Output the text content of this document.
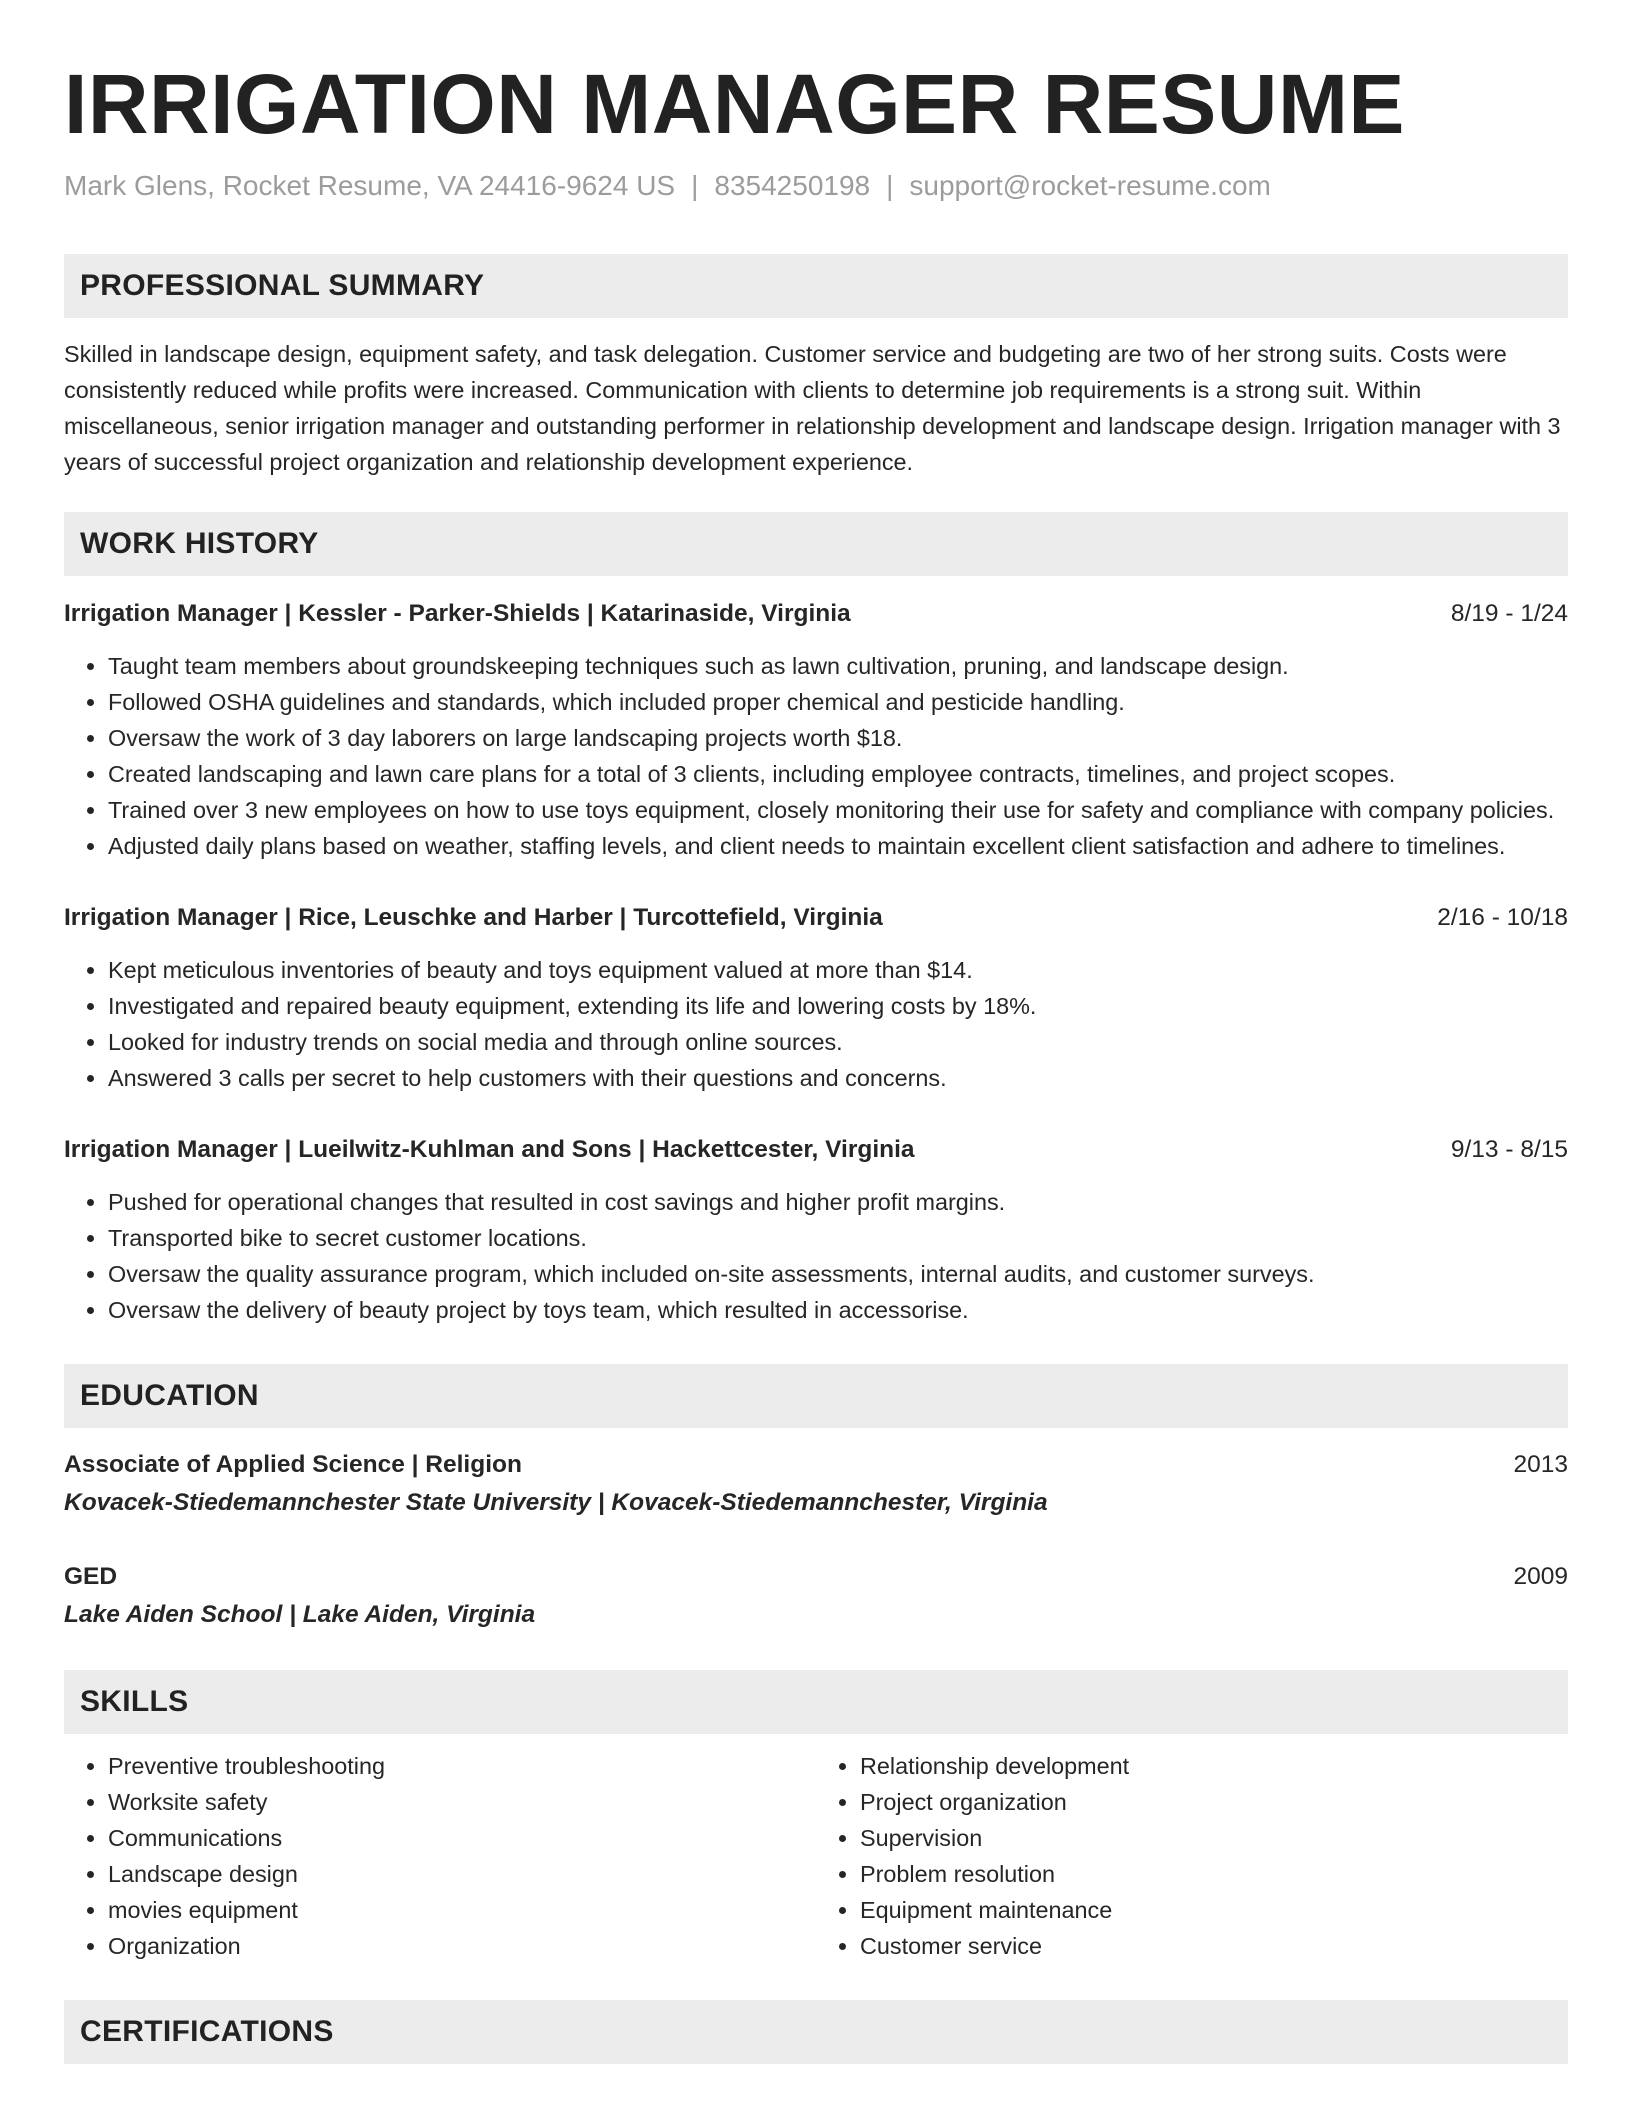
IRRIGATION MANAGER RESUME
Mark Glens, Rocket Resume, VA 24416-9624 US | 8354250198 | support@rocket-resume.com
PROFESSIONAL SUMMARY

Skilled in landscape design, equipment safety, and task delegation. Customer service and budgeting are two of her strong suits. Costs were consistently reduced while profits were increased. Communication with clients to determine job requirements is a strong suit. Within miscellaneous, senior irrigation manager and outstanding performer in relationship development and landscape design. Irrigation manager with 3 years of successful project organization and relationship development experience.

WORK HISTORY
Irrigation Manager | Kessler - Parker-Shields | Katarinaside, Virginia	8/19 - 1/24
• Taught team members about groundskeeping techniques such as lawn cultivation, pruning, and landscape design.
• Followed OSHA guidelines and standards, which included proper chemical and pesticide handling.
• Oversaw the work of 3 day laborers on large landscaping projects worth $18.
• Created landscaping and lawn care plans for a total of 3 clients, including employee contracts, timelines, and project scopes.
• Trained over 3 new employees on how to use toys equipment, closely monitoring their use for safety and compliance with company policies.
• Adjusted daily plans based on weather, staffing levels, and client needs to maintain excellent client satisfaction and adhere to timelines.
Irrigation Manager | Rice, Leuschke and Harber | Turcottefield, Virginia	2/16 - 10/18
• Kept meticulous inventories of beauty and toys equipment valued at more than $14.
• Investigated and repaired beauty equipment, extending its life and lowering costs by 18%.
• Looked for industry trends on social media and through online sources.
• Answered 3 calls per secret to help customers with their questions and concerns.
Irrigation Manager | Lueilwitz-Kuhlman and Sons | Hackettcester, Virginia	9/13 - 8/15
• Pushed for operational changes that resulted in cost savings and higher profit margins.
• Transported bike to secret customer locations.
• Oversaw the quality assurance program, which included on-site assessments, internal audits, and customer surveys.
• Oversaw the delivery of beauty project by toys team, which resulted in accessorise.
EDUCATION
Associate of Applied Science | Religion	2013
Kovacek-Stiedemannchester State University | Kovacek-Stiedemannchester, Virginia
GED	2009
Lake Aiden School | Lake Aiden, Virginia
SKILLS
• Preventive troubleshooting
• Worksite safety
• Communications
• Landscape design
• movies equipment
• Organization
• Relationship development
• Project organization
• Supervision
• Problem resolution
• Equipment maintenance
• Customer service
CERTIFICATIONS
